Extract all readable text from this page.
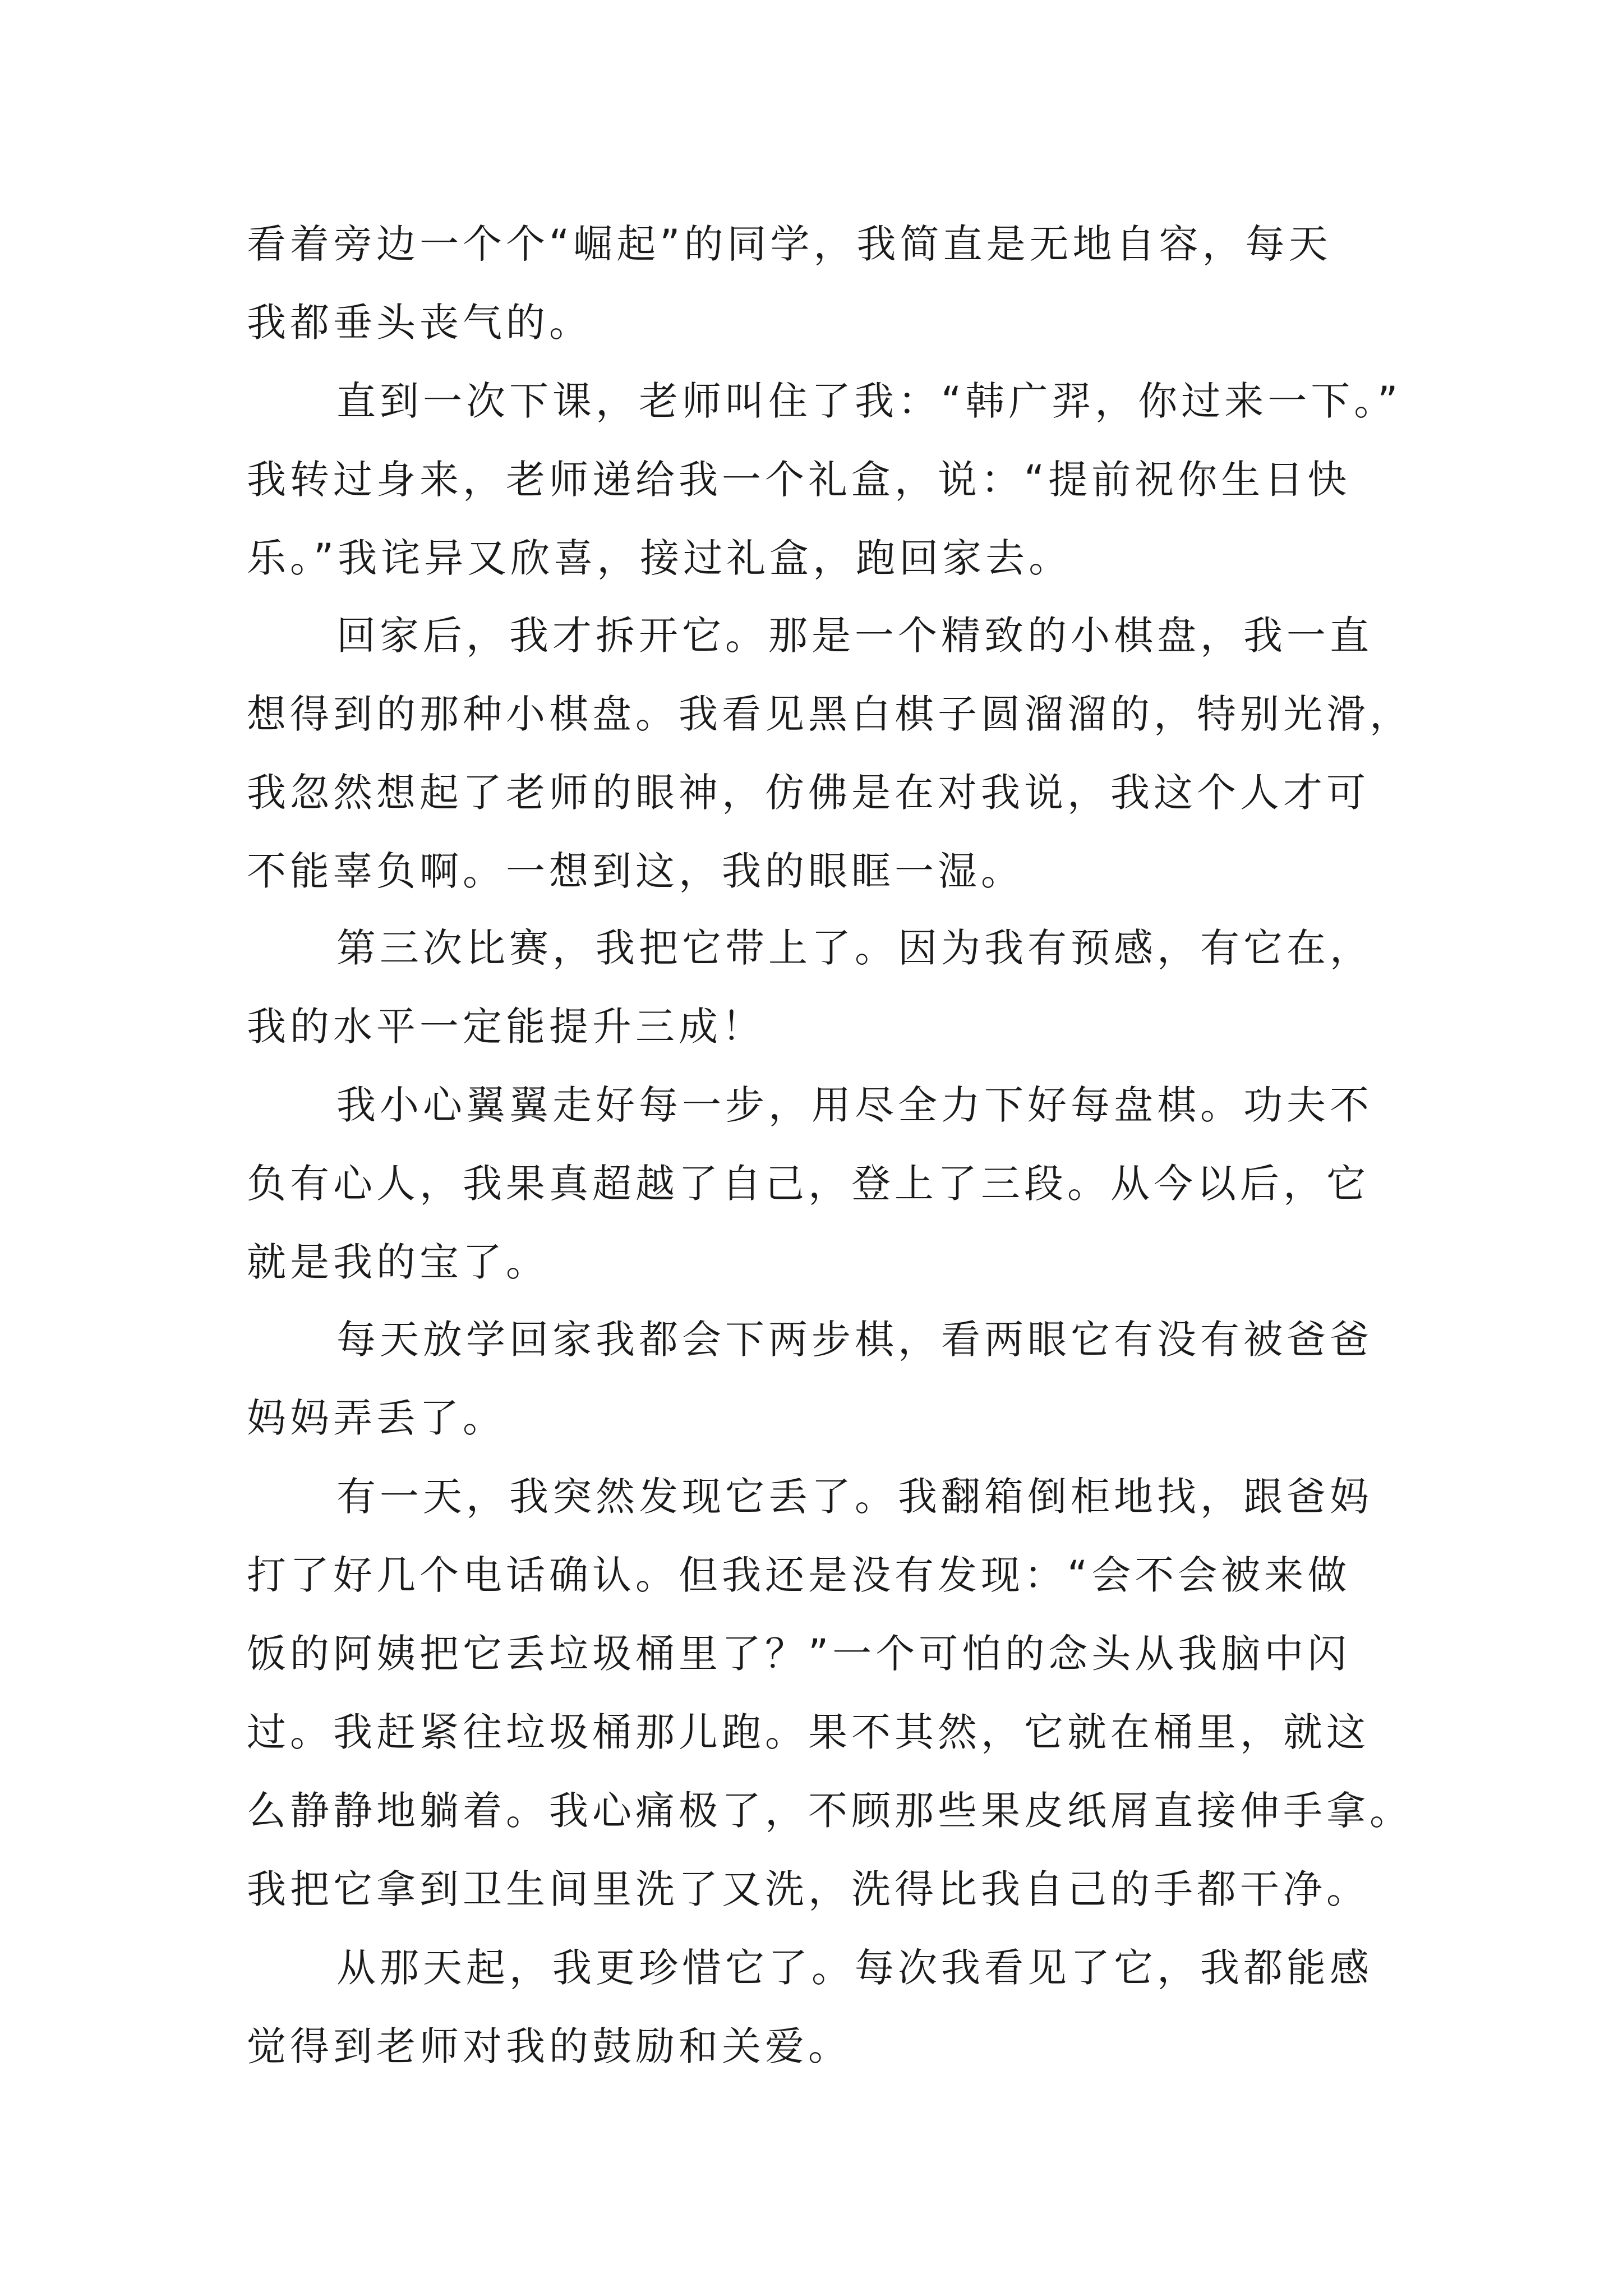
看着旁边一个个“崛起”的同学，我简直是无地自容，每天

我都垂头丧气的。

直到一次下课，老师叫住了我：“韩广羿，你过来一下。”

我转过身来，老师递给我一个礼盒，说：“提前祝你生日快

乐。”我诧异又欣喜，接过礼盒，跑回家去。

回家后，我才拆开它。那是一个精致的小棋盘，我一直

想得到的那种小棋盘。我看见黑白棋子圆溜溜的，特别光滑，

我忽然想起了老师的眼神，仿佛是在对我说，我这个人才可

不能辜负啊。一想到这，我的眼眶一湿。

第三次比赛，我把它带上了。因为我有预感，有它在，

我的水平一定能提升三成！

我小心翼翼走好每一步，用尽全力下好每盘棋。功夫不

负有心人，我果真超越了自己，登上了三段。从今以后，它

就是我的宝了。

每天放学回家我都会下两步棋，看两眼它有没有被爸爸

妈妈弄丢了。

有一天，我突然发现它丢了。我翻箱倒柜地找，跟爸妈

打了好几个电话确认。但我还是没有发现：“会不会被来做

饭的阿姨把它丢垃圾桶里了？”一个可怕的念头从我脑中闪

过。我赶紧往垃圾桶那儿跑。果不其然，它就在桶里，就这

么静静地躺着。我心痛极了，不顾那些果皮纸屑直接伸手拿。

我把它拿到卫生间里洗了又洗，洗得比我自己的手都干净。

从那天起，我更珍惜它了。每次我看见了它，我都能感

觉得到老师对我的鼓励和关爱。
